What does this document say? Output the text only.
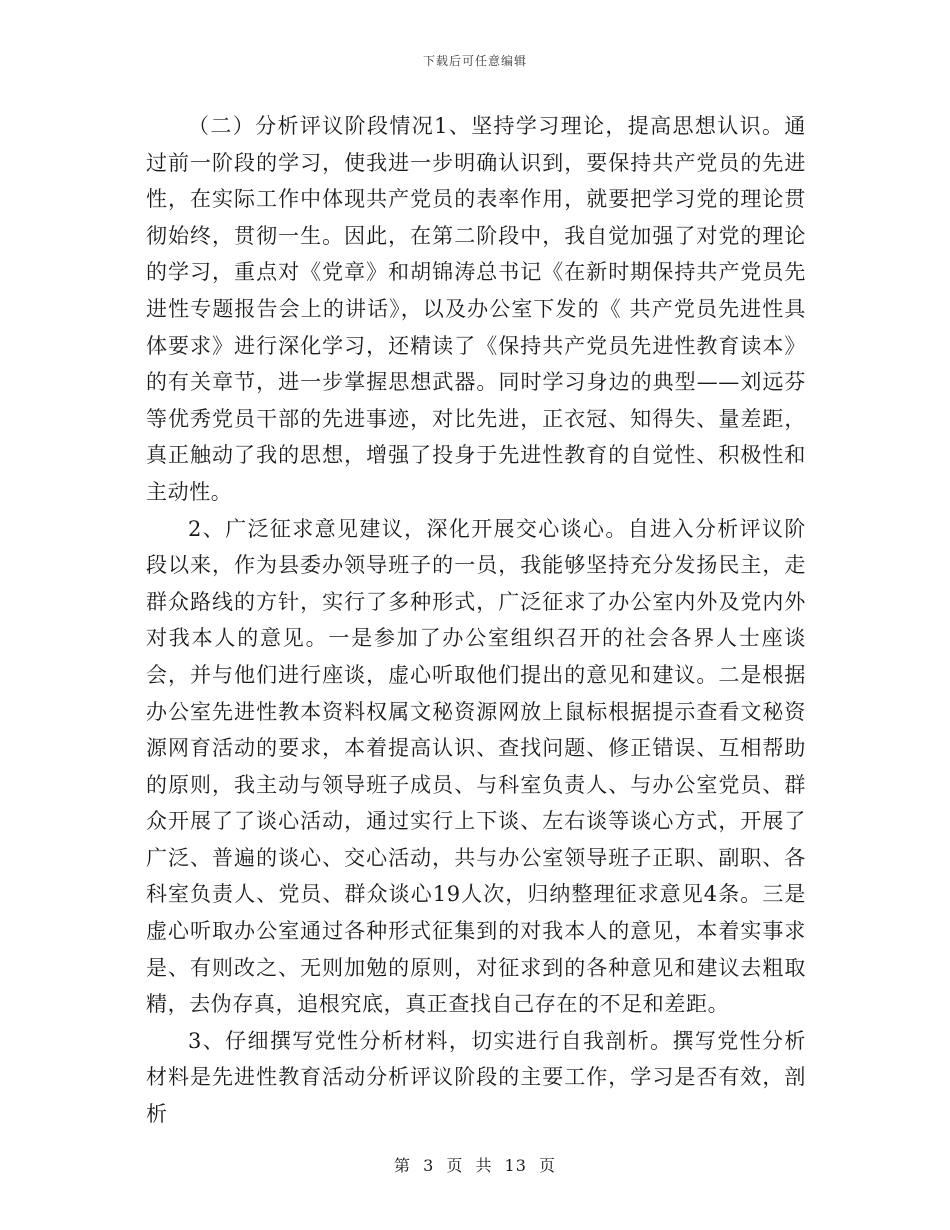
下载后可任意编辑

（二）分析评议阶段情况1、坚持学习理论，提高思想认识。通过前一阶段的学习，使我进一步明确认识到，要保持共产党员的先进性，在实际工作中体现共产党员的表率作用，就要把学习党的理论贯彻始终，贯彻一生。因此，在第二阶段中，我自觉加强了对党的理论的学习，重点对《党章》和胡锦涛总书记《在新时期保持共产党员先进性专题报告会上的讲话》，以及办公室下发的《 共产党员先进性具体要求》进行深化学习，还精读了《保持共产党员先进性教育读本》的有关章节，进一步掌握思想武器。同时学习身边的典型——刘远芬等优秀党员干部的先进事迹，对比先进，正衣冠、知得失、量差距，真正触动了我的思想，增强了投身于先进性教育的自觉性、积极性和主动性。

2、广泛征求意见建议，深化开展交心谈心。自进入分析评议阶段以来，作为县委办领导班子的一员，我能够坚持充分发扬民主，走群众路线的方针，实行了多种形式，广泛征求了办公室内外及党内外对我本人的意见。一是参加了办公室组织召开的社会各界人士座谈会，并与他们进行座谈，虚心听取他们提出的意见和建议。二是根据办公室先进性教本资料权属文秘资源网放上鼠标根据提示查看文秘资源网育活动的要求，本着提高认识、查找问题、修正错误、互相帮助的原则，我主动与领导班子成员、与科室负责人、与办公室党员、群众开展了了谈心活动，通过实行上下谈、左右谈等谈心方式，开展了广泛、普遍的谈心、交心活动，共与办公室领导班子正职、副职、各科室负责人、党员、群众谈心19人次，归纳整理征求意见4条。三是虚心听取办公室通过各种形式征集到的对我本人的意见，本着实事求是、有则改之、无则加勉的原则，对征求到的各种意见和建议去粗取精，去伪存真，追根究底，真正查找自己存在的不足和差距。

3、仔细撰写党性分析材料，切实进行自我剖析。撰写党性分析材料是先进性教育活动分析评议阶段的主要工作，学习是否有效，剖析

第 3 页 共 13 页
